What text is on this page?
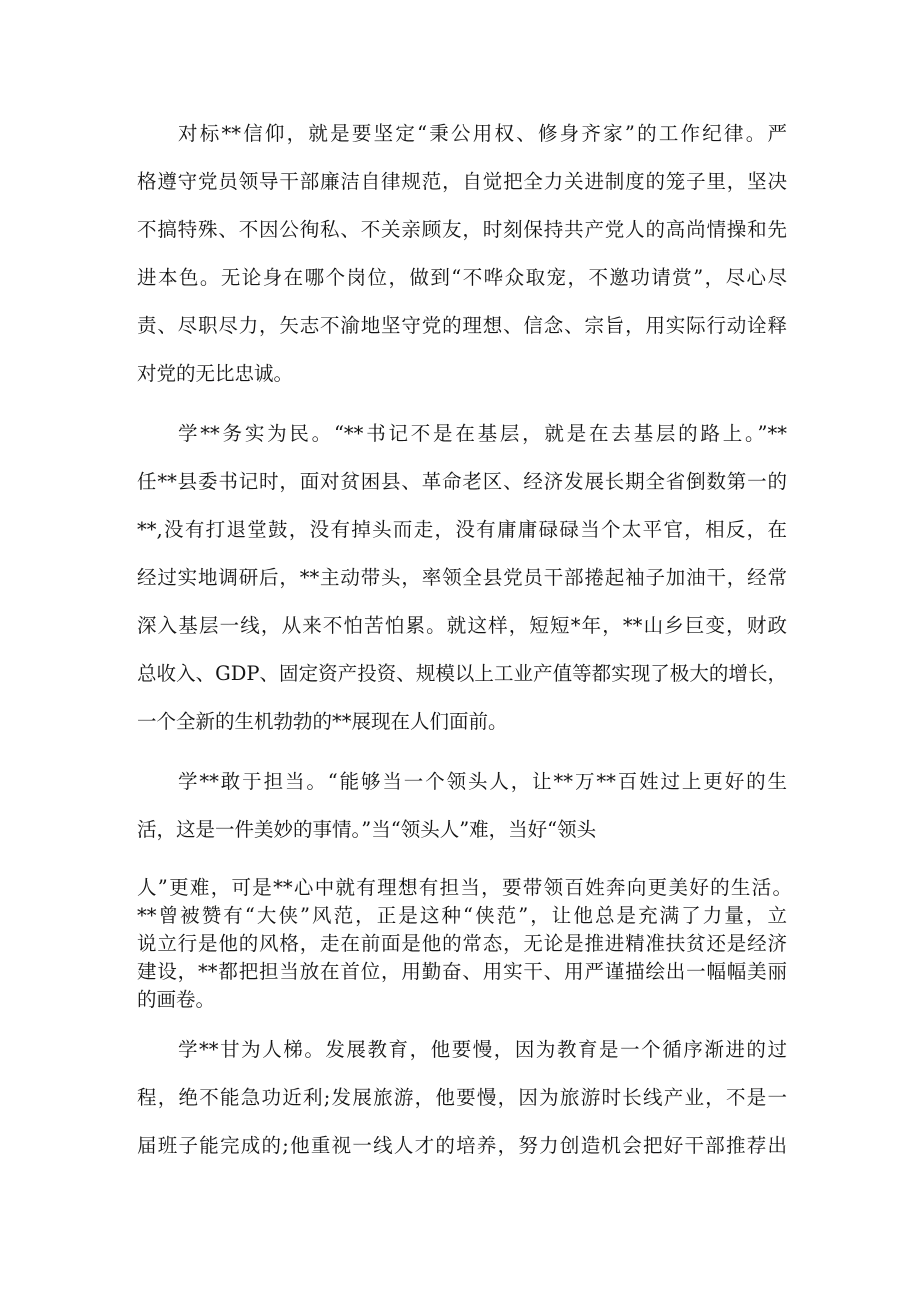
对标**信仰，就是要坚定“秉公用权、修身齐家”的工作纪律。严
格遵守党员领导干部廉洁自律规范，自觉把全力关进制度的笼子里，坚决
不搞特殊、不因公徇私、不关亲顾友，时刻保持共产党人的高尚情操和先
进本色。无论身在哪个岗位，做到“不哗众取宠，不邀功请赏”，尽心尽
责、尽职尽力，矢志不渝地坚守党的理想、信念、宗旨，用实际行动诠释
对党的无比忠诚。
学**务实为民。“**书记不是在基层，就是在去基层的路上。”**
任**县委书记时，面对贫困县、革命老区、经济发展长期全省倒数第一的
**,没有打退堂鼓，没有掉头而走，没有庸庸碌碌当个太平官，相反，在
经过实地调研后，**主动带头，率领全县党员干部捲起袖子加油干，经常
深入基层一线，从来不怕苦怕累。就这样，短短*年，**山乡巨变，财政
总收入、GDP、固定资产投资、规模以上工业产值等都实现了极大的增长，
一个全新的生机勃勃的**展现在人们面前。
学**敢于担当。“能够当一个领头人，让**万**百姓过上更好的生
活，这是一件美妙的事情。”当“领头人”难，当好“领头
人”更难，可是**心中就有理想有担当，要带领百姓奔向更美好的生活。
**曾被赞有“大侠”风范，正是这种“侠范”，让他总是充满了力量，立
说立行是他的风格，走在前面是他的常态，无论是推进精准扶贫还是经济
建设，**都把担当放在首位，用勤奋、用实干、用严谨描绘出一幅幅美丽
的画卷。
学**甘为人梯。发展教育，他要慢，因为教育是一个循序渐进的过
程，绝不能急功近利;发展旅游，他要慢，因为旅游时长线产业，不是一
届班子能完成的;他重视一线人才的培养，努力创造机会把好干部推荐出
